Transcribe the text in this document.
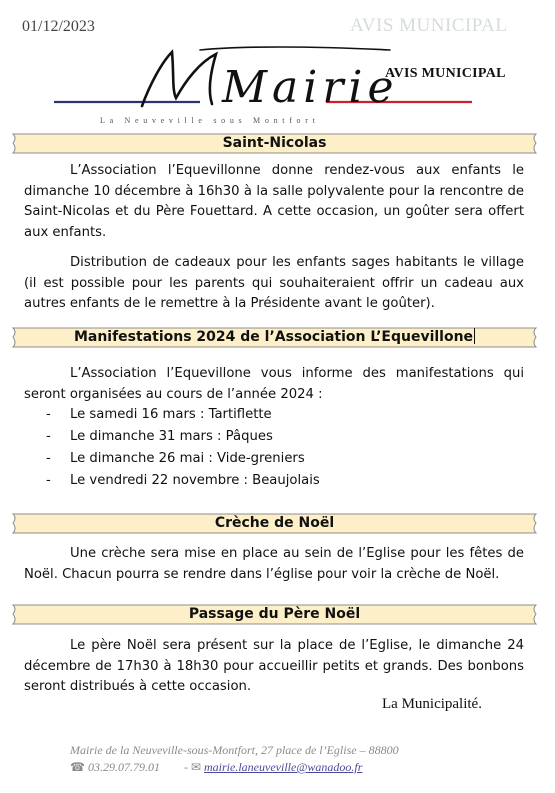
01/12/2023	AVIS MUNICIPAL
Mairie
La Neuveville sous Montfort
AVIS MUNICIPAL
Saint-Nicolas

L’Association l’Equevillonne donne rendez-vous aux enfants le dimanche 10 décembre à 16h30 à la salle polyvalente pour la rencontre de Saint-Nicolas et du Père Fouettard. A cette occasion, un goûter sera offert aux enfants.

Distribution de cadeaux pour les enfants sages habitants le village (il est possible pour les parents qui souhaiteraient offrir un cadeau aux autres enfants de le remettre à la Présidente avant le goûter).

Manifestations 2024 de l’Association L’Equevillone

L’Association l’Equevillone vous informe des manifestations qui seront organisées au cours de l’année 2024 :

- Le samedi 16 mars : Tartiflette
- Le dimanche 31 mars : Pâques
- Le dimanche 26 mai : Vide-greniers
- Le vendredi 22 novembre : Beaujolais
Crèche de Noël

Une crèche sera mise en place au sein de l’Eglise pour les fêtes de Noël. Chacun pourra se rendre dans l’église pour voir la crèche de Noël.

Passage du Père Noël

Le père Noël sera présent sur la place de l’Eglise, le dimanche 24 décembre de 17h30 à 18h30 pour accueillir petits et grands. Des bonbons seront distribués à cette occasion.

La Municipalité.
Mairie de la Neuveville-sous-Montfort, 27 place de l’Eglise – 88800
☎ 03.29.07.79.01 - ✉ mairie.laneuveville@wanadoo.fr
